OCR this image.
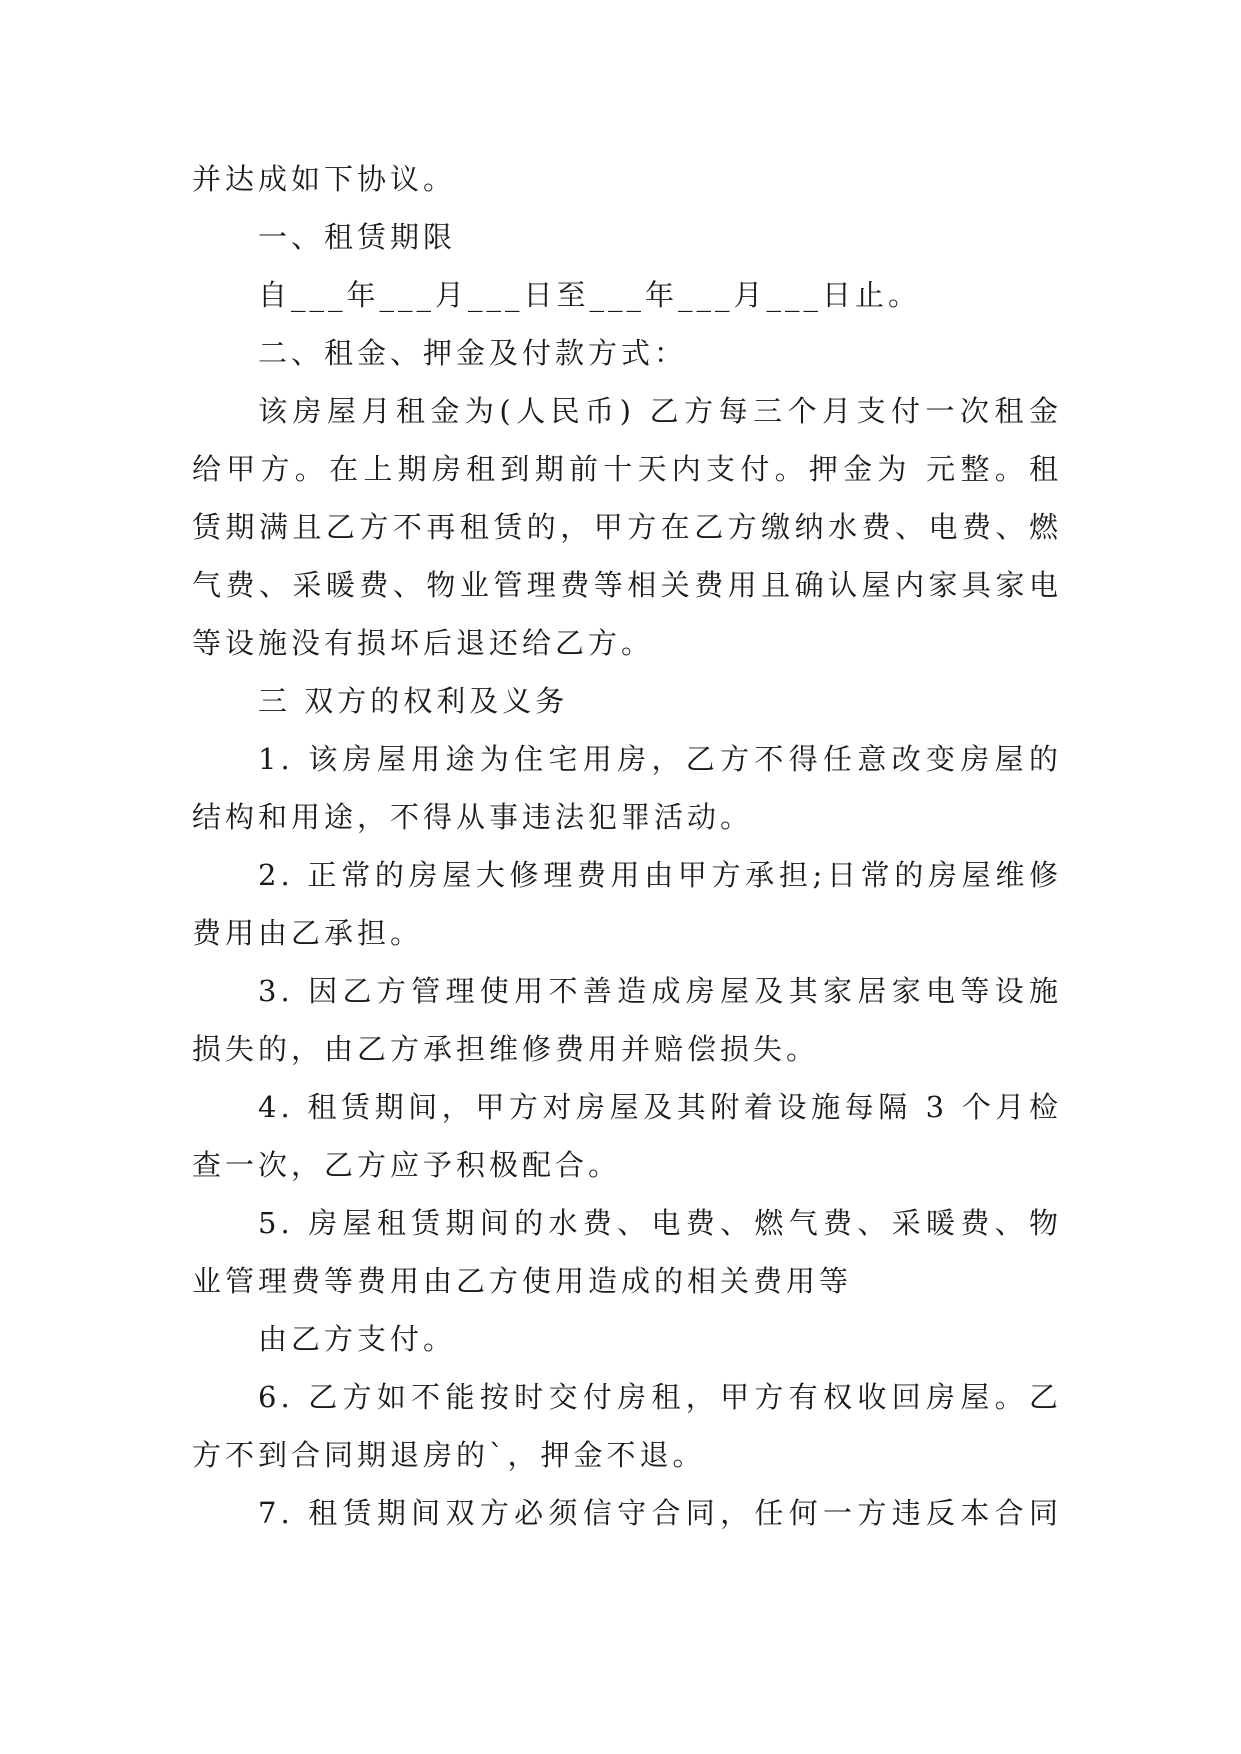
并达成如下协议。
一、租赁期限
自___年___月___日至___年___月___日止。
二、租金、押金及付款方式：
该房屋月租金为(人民币) 乙方每三个月支付一次租金
给甲方。在上期房租到期前十天内支付。押金为 元整。租
赁期满且乙方不再租赁的，甲方在乙方缴纳水费、电费、燃
气费、采暖费、物业管理费等相关费用且确认屋内家具家电
等设施没有损坏后退还给乙方。
三 双方的权利及义务
1. 该房屋用途为住宅用房，乙方不得任意改变房屋的
结构和用途，不得从事违法犯罪活动。
2. 正常的房屋大修理费用由甲方承担;日常的房屋维修
费用由乙承担。
3. 因乙方管理使用不善造成房屋及其家居家电等设施
损失的，由乙方承担维修费用并赔偿损失。
4. 租赁期间，甲方对房屋及其附着设施每隔 3 个月检
查一次，乙方应予积极配合。
5. 房屋租赁期间的水费、电费、燃气费、采暖费、物
业管理费等费用由乙方使用造成的相关费用等
由乙方支付。
6. 乙方如不能按时交付房租，甲方有权收回房屋。乙
方不到合同期退房的`，押金不退。
7. 租赁期间双方必须信守合同，任何一方违反本合同
